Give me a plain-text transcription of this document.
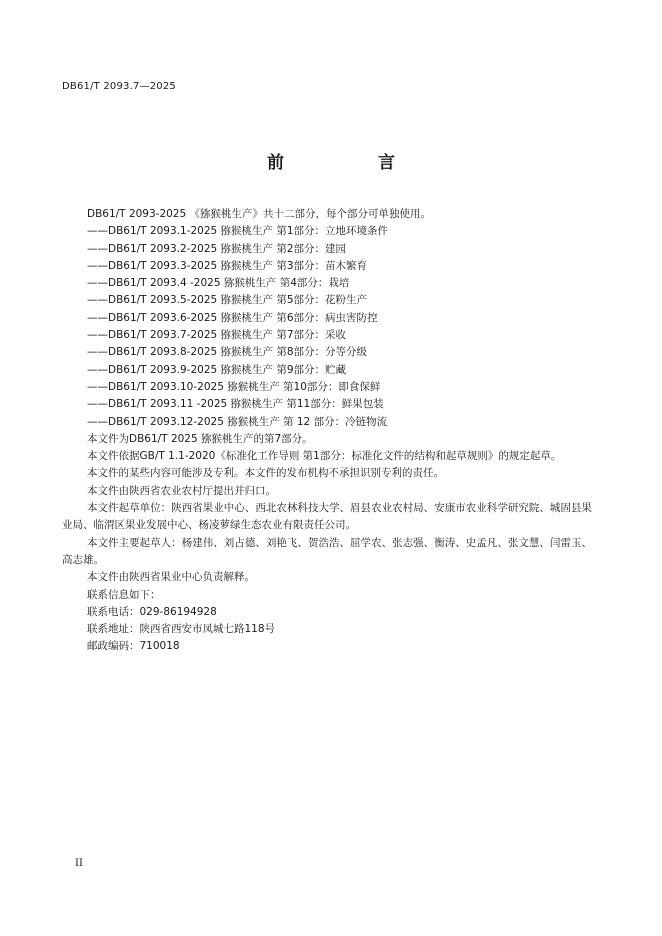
DB61/T 2093.7—2025
前　　言

DB61/T 2093-2025 《猕猴桃生产》共十二部分，每个部分可单独使用。

——DB61/T 2093.1-2025 猕猴桃生产 第1部分：立地环境条件

——DB61/T 2093.2-2025 猕猴桃生产 第2部分：建园

——DB61/T 2093.3-2025 猕猴桃生产 第3部分：苗木繁育

——DB61/T 2093.4 -2025 猕猴桃生产 第4部分：栽培

——DB61/T 2093.5-2025 猕猴桃生产 第5部分：花粉生产

——DB61/T 2093.6-2025 猕猴桃生产 第6部分：病虫害防控

——DB61/T 2093.7-2025 猕猴桃生产 第7部分：采收

——DB61/T 2093.8-2025 猕猴桃生产 第8部分：分等分级

——DB61/T 2093.9-2025 猕猴桃生产 第9部分：贮藏

——DB61/T 2093.10-2025 猕猴桃生产 第10部分：即食保鲜

——DB61/T 2093.11 -2025 猕猴桃生产 第11部分：鲜果包装

——DB61/T 2093.12-2025 猕猴桃生产 第 12 部分：冷链物流

本文件为DB61/T 2025 猕猴桃生产的第7部分。

本文件依据GB/T 1.1-2020《标准化工作导则 第1部分：标准化文件的结构和起草规则》的规定起草。

本文件的某些内容可能涉及专利。本文件的发布机构不承担识别专利的责任。

本文件由陕西省农业农村厅提出并归口。

本文件起草单位：陕西省果业中心、西北农林科技大学、眉县农业农村局、安康市农业科学研究院、城固县果业局、临渭区果业发展中心、杨凌萝绿生态农业有限责任公司。

本文件主要起草人：杨建伟、刘占德、刘艳飞、贺浩浩、屈学农、张志强、衡涛、史孟凡、张文慧、闫雷玉、高志雄。

本文件由陕西省果业中心负责解释。

联系信息如下：

联系电话：029-86194928

联系地址：陕西省西安市凤城七路118号

邮政编码：710018

II
